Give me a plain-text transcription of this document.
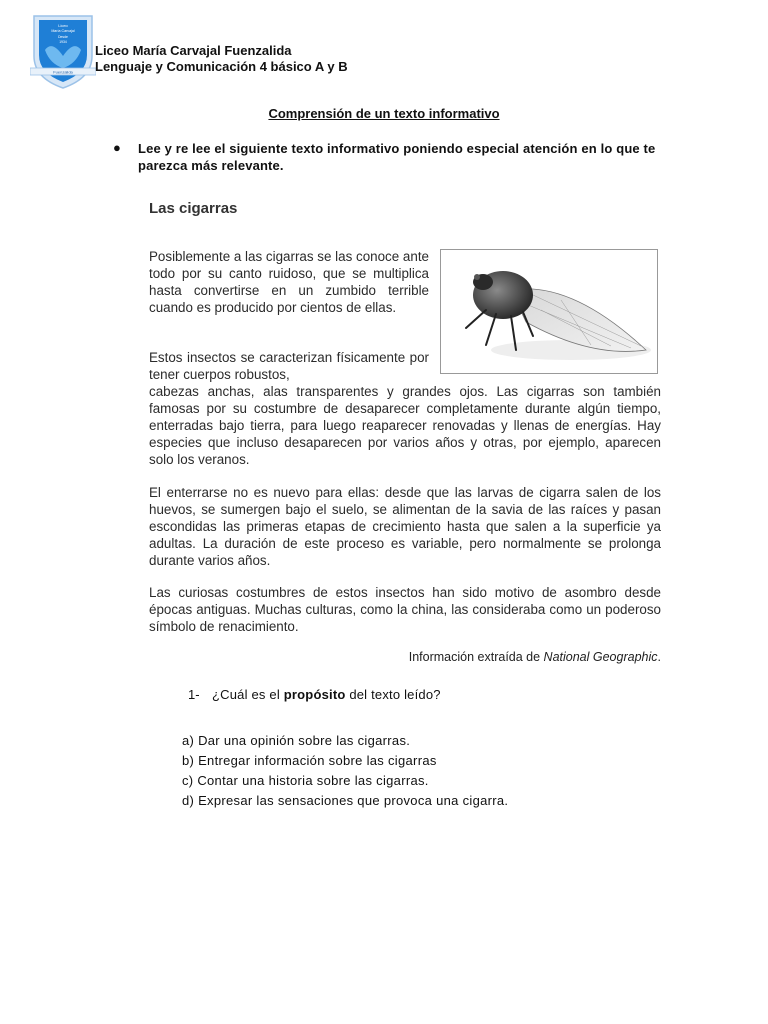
Liceo
María Carvajal
Desde
1934
Fuenzalida
Liceo María Carvajal Fuenzalida
Lenguaje y Comunicación 4 básico A y B
Comprensión de un texto informativo
● Lee y re lee el siguiente texto informativo poniendo especial atención en lo que te parezca más relevante.
Las cigarras
Posiblemente a las cigarras se las conoce ante todo por su canto ruidoso, que se multiplica hasta convertirse en un zumbido terrible cuando es producido por cientos de ellas.
Estos insectos se caracterizan físicamente por tener cuerpos robustos,
cabezas anchas, alas transparentes y grandes ojos. Las cigarras son también famosas por su costumbre de desaparecer completamente durante algún tiempo, enterradas bajo tierra, para luego reaparecer renovadas y llenas de energías. Hay especies que incluso desaparecen por varios años y otras, por ejemplo, aparecen solo los veranos.
El enterrarse no es nuevo para ellas: desde que las larvas de cigarra salen de los huevos, se sumergen bajo el suelo, se alimentan de la savia de las raíces y pasan escondidas las primeras etapas de crecimiento hasta que salen a la superficie ya adultas. La duración de este proceso es variable, pero normalmente se prolonga durante varios años.
Las curiosas costumbres de estos insectos han sido motivo de asombro desde épocas antiguas. Muchas culturas, como la china, las consideraba como un poderoso símbolo de renacimiento.
Información extraída de National Geographic.
1- ¿Cuál es el propósito del texto leído?
a) Dar una opinión sobre las cigarras.
b) Entregar información sobre las cigarras
c) Contar una historia sobre las cigarras.
d) Expresar las sensaciones que provoca una cigarra.
